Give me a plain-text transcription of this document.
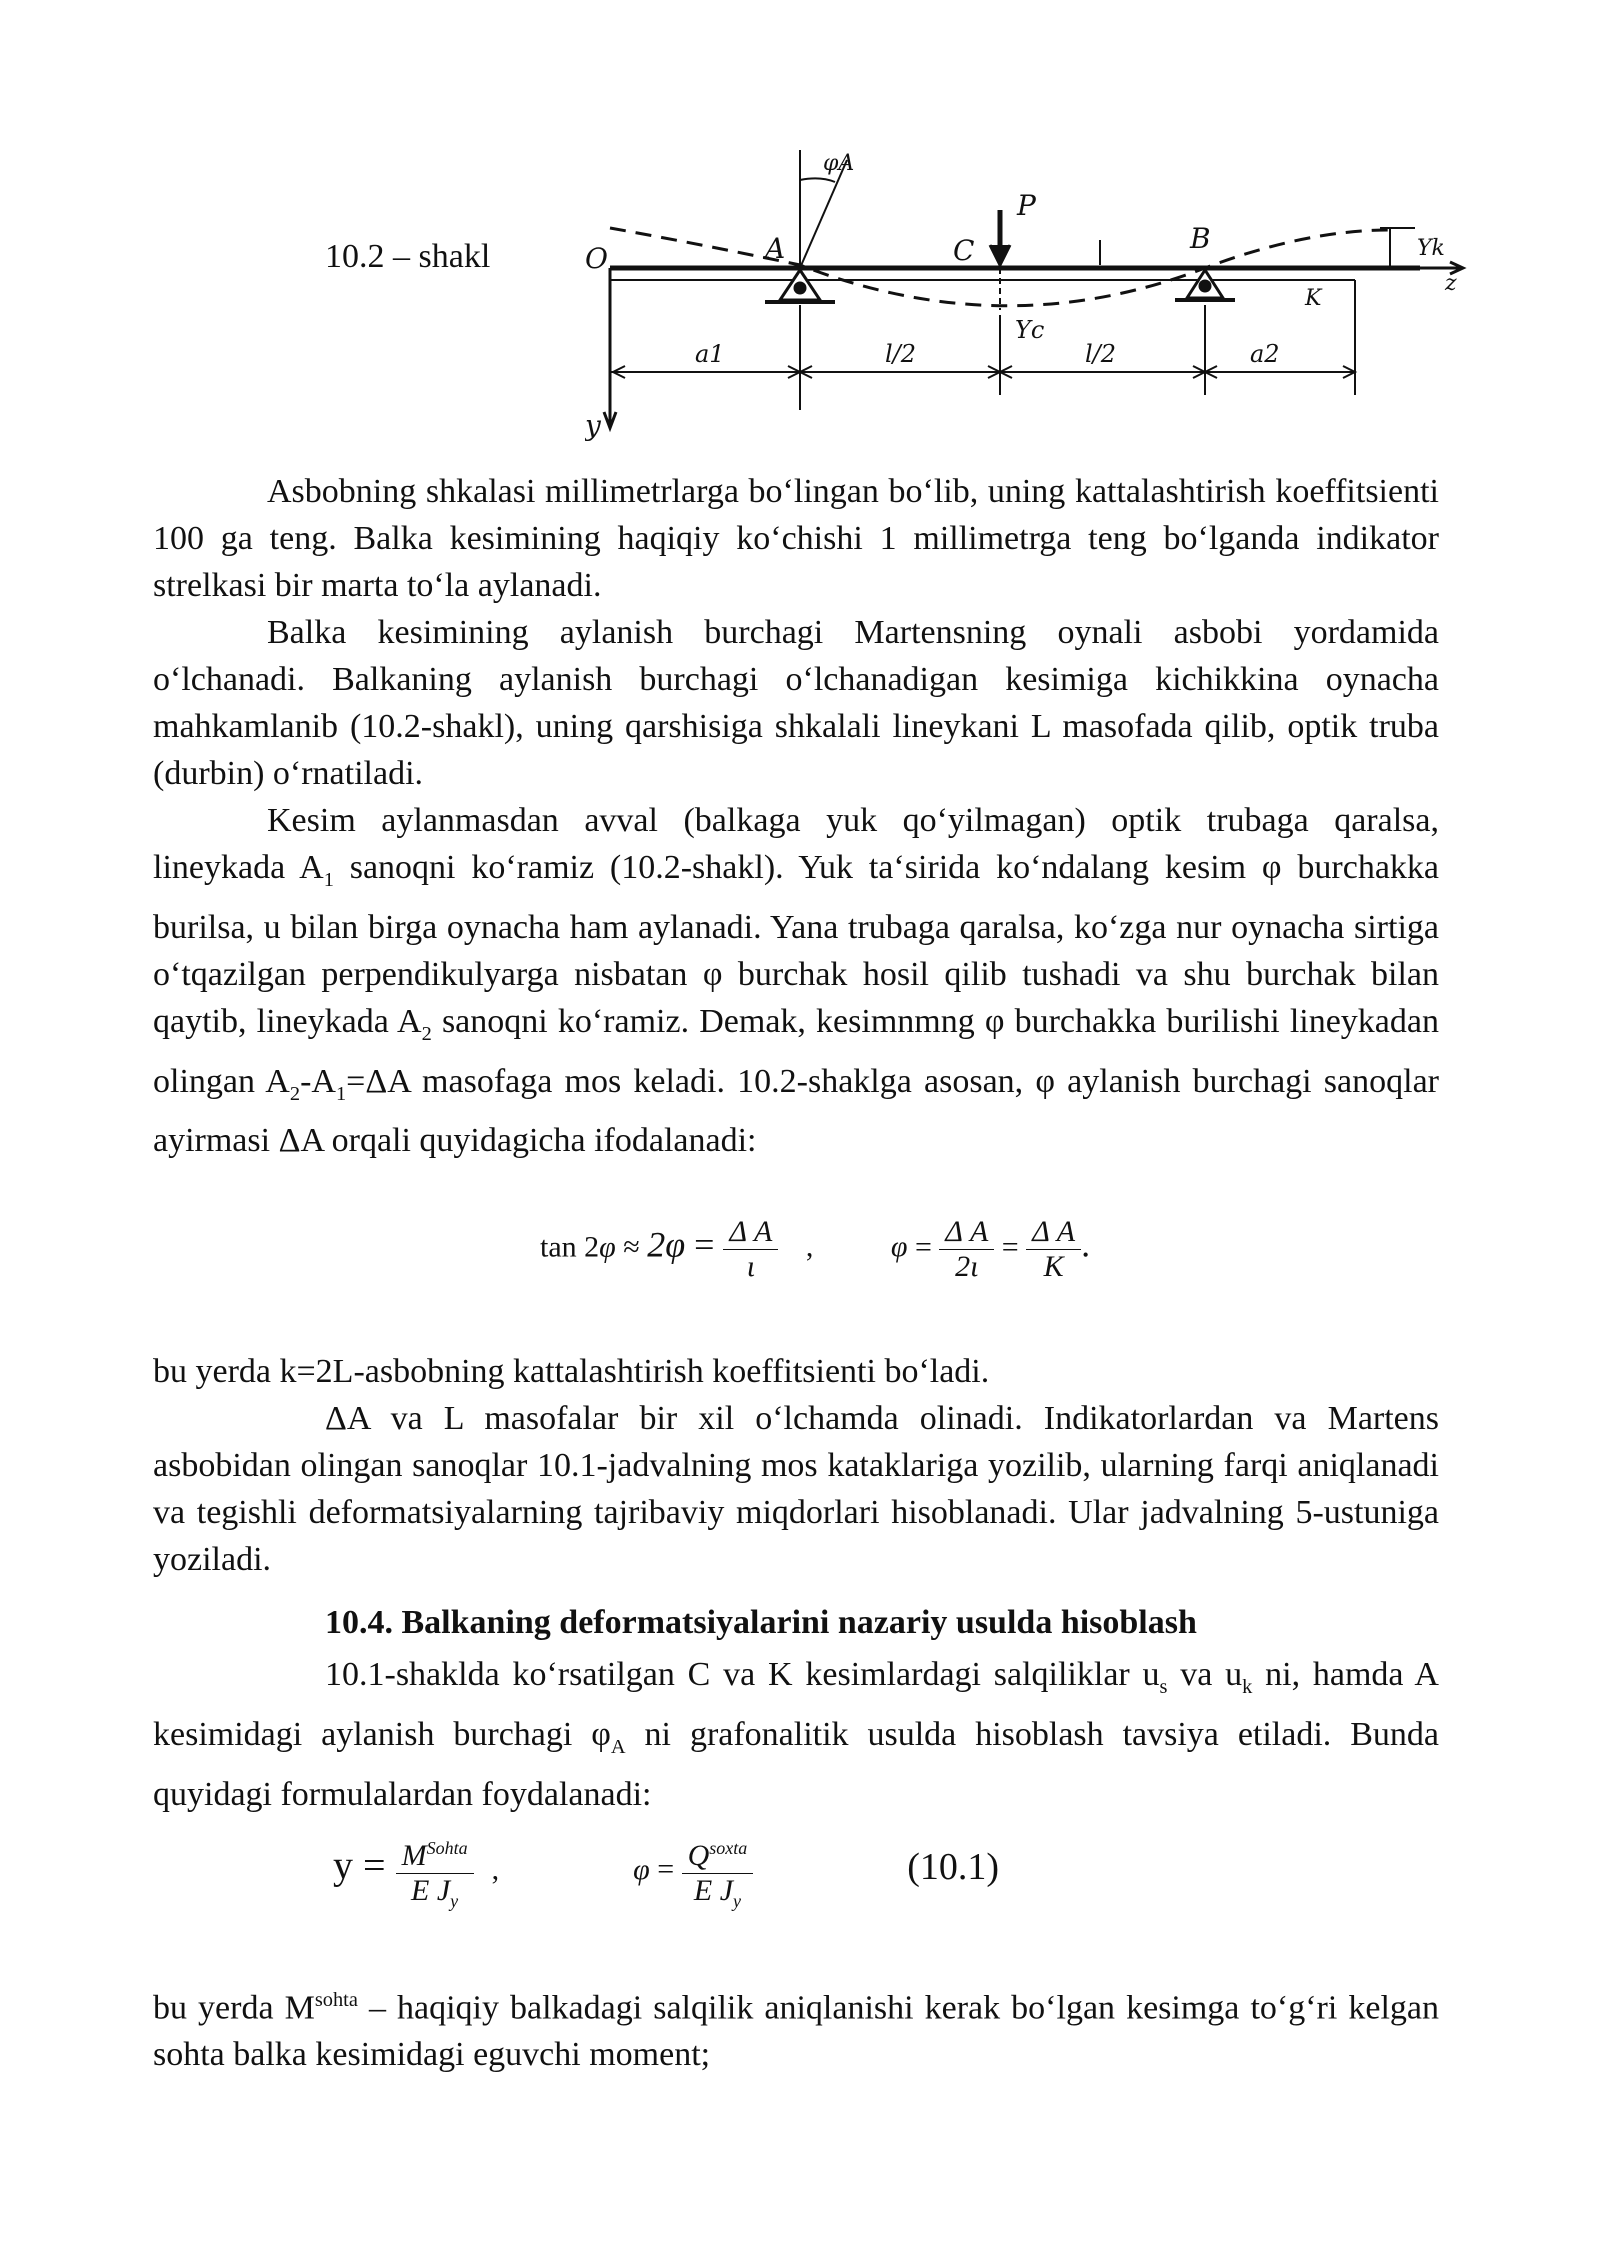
10.2 – shakl
φA
P
O	A	C	B	Yk
K
z
Yc
a1	l/2	l/2	a2
y

Asbobning shkalasi millimetrlarga bo‘lingan bo‘lib, uning kattalashtirish koeffitsienti 100 ga teng. Balka kesimining haqiqiy ko‘chishi 1 millimetrga teng bo‘lganda indikator strelkasi bir marta to‘la aylanadi.

Balka kesimining aylanish burchagi Martensning oynali asbobi yordamida o‘lchanadi. Balkaning aylanish burchagi o‘lchanadigan kesimiga kichikkina oynacha mahkamlanib (10.2-shakl), uning qarshisiga shkalali lineykani L masofada qilib, optik truba (durbin) o‘rnatiladi.

Kesim aylanmasdan avval (balkaga yuk qo‘yilmagan) optik trubaga qaralsa, lineykada $A_1$ sanoqni ko‘ramiz (10.2-shakl). Yuk ta‘sirida ko‘ndalang kesim φ burchakka burilsa, u bilan birga oynacha ham aylanadi. Yana trubaga qaralsa, ko‘zga nur oynacha sirtiga o‘tqazilgan perpendikulyarga nisbatan φ burchak hosil qilib tushadi va shu burchak bilan qaytib, lineykada $A_2$ sanoqni ko‘ramiz. Demak, kesimnmng φ burchakka burilishi lineykadan olingan $A_2-A_1=\Delta A$ masofaga mos keladi. 10.2-shaklga asosan, φ aylanish burchagi sanoqlar ayirmasi ΔA orqali quyidagicha ifodalanadi:

$\tan 2\varphi \approx 2\varphi = \frac{\text{Δ A}}{\iota}$ ,	$\varphi = \frac{\text{Δ A}}{2\iota} = \frac{\text{Δ A}}{K}$ .

bu yerda k=2L-asbobning kattalashtirish koeffitsienti bo‘ladi.

ΔA va L masofalar bir xil o‘lchamda olinadi. Indikatorlardan va Martens asbobidan olingan sanoqlar 10.1-jadvalning mos kataklariga yozilib, ularning farqi aniqlanadi va tegishli deformatsiyalarning tajribaviy miqdorlari hisoblanadi. Ular jadvalning 5-ustuniga yoziladi.

10.4. Balkaning deformatsiyalarini nazariy usulda hisoblash

10.1-shaklda ko‘rsatilgan C va K kesimlardagi salqiliklar $u_s$ va $u_k$ ni, hamda A kesimidagi aylanish burchagi $\varphi_A$ ni grafonalitik usulda hisoblash tavsiya etiladi. Bunda quyidagi formulalardan foydalanadi:

$y = \frac{M^{Sohta}}{E J_y}$ ,	$\varphi = \frac{Q^{soxta}}{E J_y}$	(10.1)

bu yerda $M^{sohta}$ – haqiqiy balkadagi salqilik aniqlanishi kerak bo‘lgan kesimga to‘g‘ri kelgan sohta balka kesimidagi eguvchi moment;
